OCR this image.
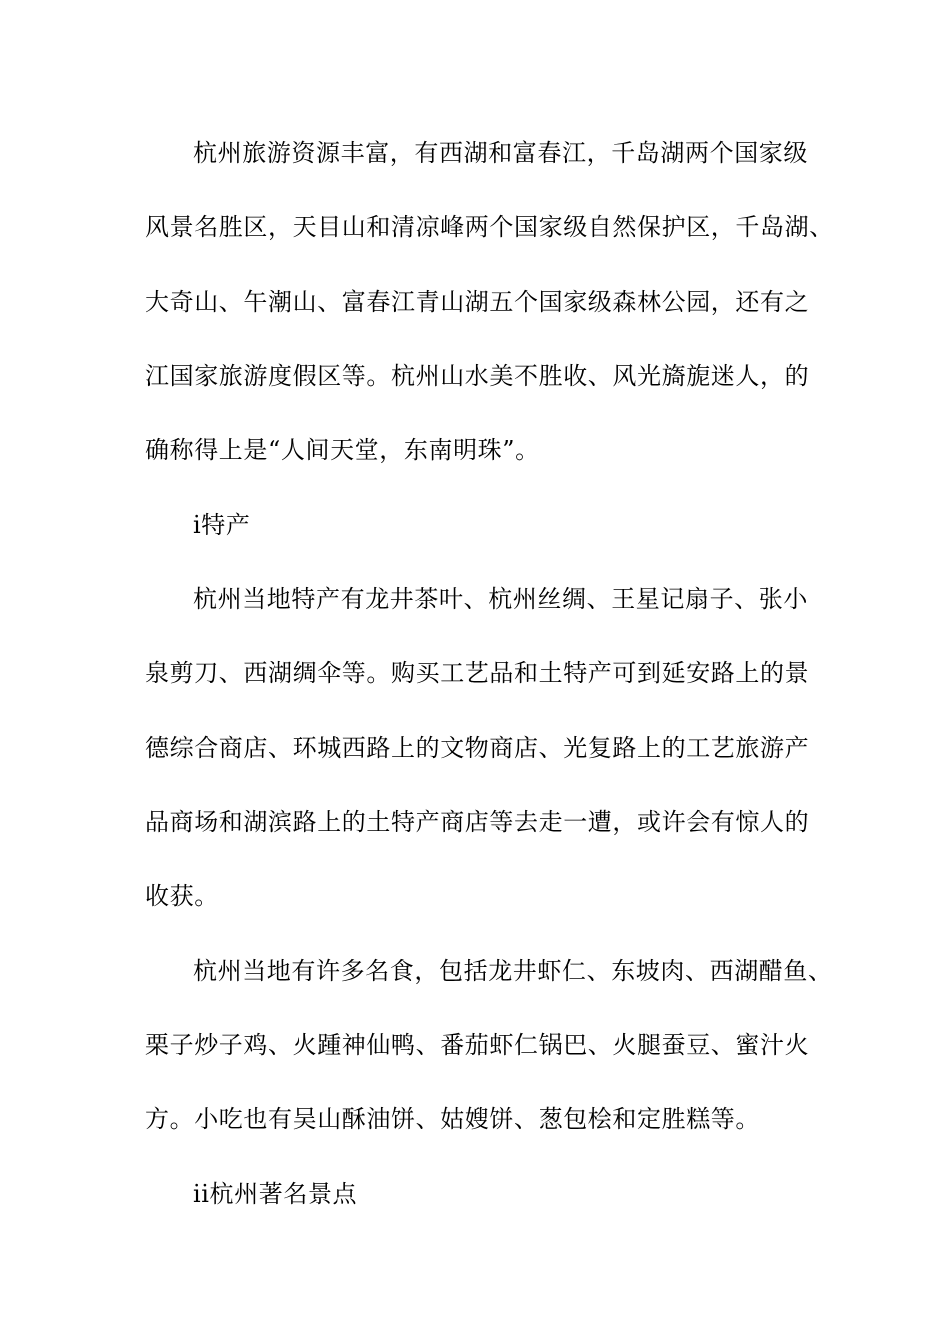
杭州旅游资源丰富，有西湖和富春江，千岛湖两个国家级
风景名胜区，天目山和清凉峰两个国家级自然保护区，千岛湖、
大奇山、午潮山、富春江青山湖五个国家级森林公园，还有之
江国家旅游度假区等。杭州山水美不胜收、风光旖旎迷人，的
确称得上是“人间天堂，东南明珠”。
i特产
杭州当地特产有龙井茶叶、杭州丝绸、王星记扇子、张小
泉剪刀、西湖绸伞等。购买工艺品和土特产可到延安路上的景
德综合商店、环城西路上的文物商店、光复路上的工艺旅游产
品商场和湖滨路上的土特产商店等去走一遭，或许会有惊人的
收获。
杭州当地有许多名食，包括龙井虾仁、东坡肉、西湖醋鱼、
栗子炒子鸡、火踵神仙鸭、番茄虾仁锅巴、火腿蚕豆、蜜汁火
方。小吃也有吴山酥油饼、姑嫂饼、葱包桧和定胜糕等。
ii杭州著名景点
